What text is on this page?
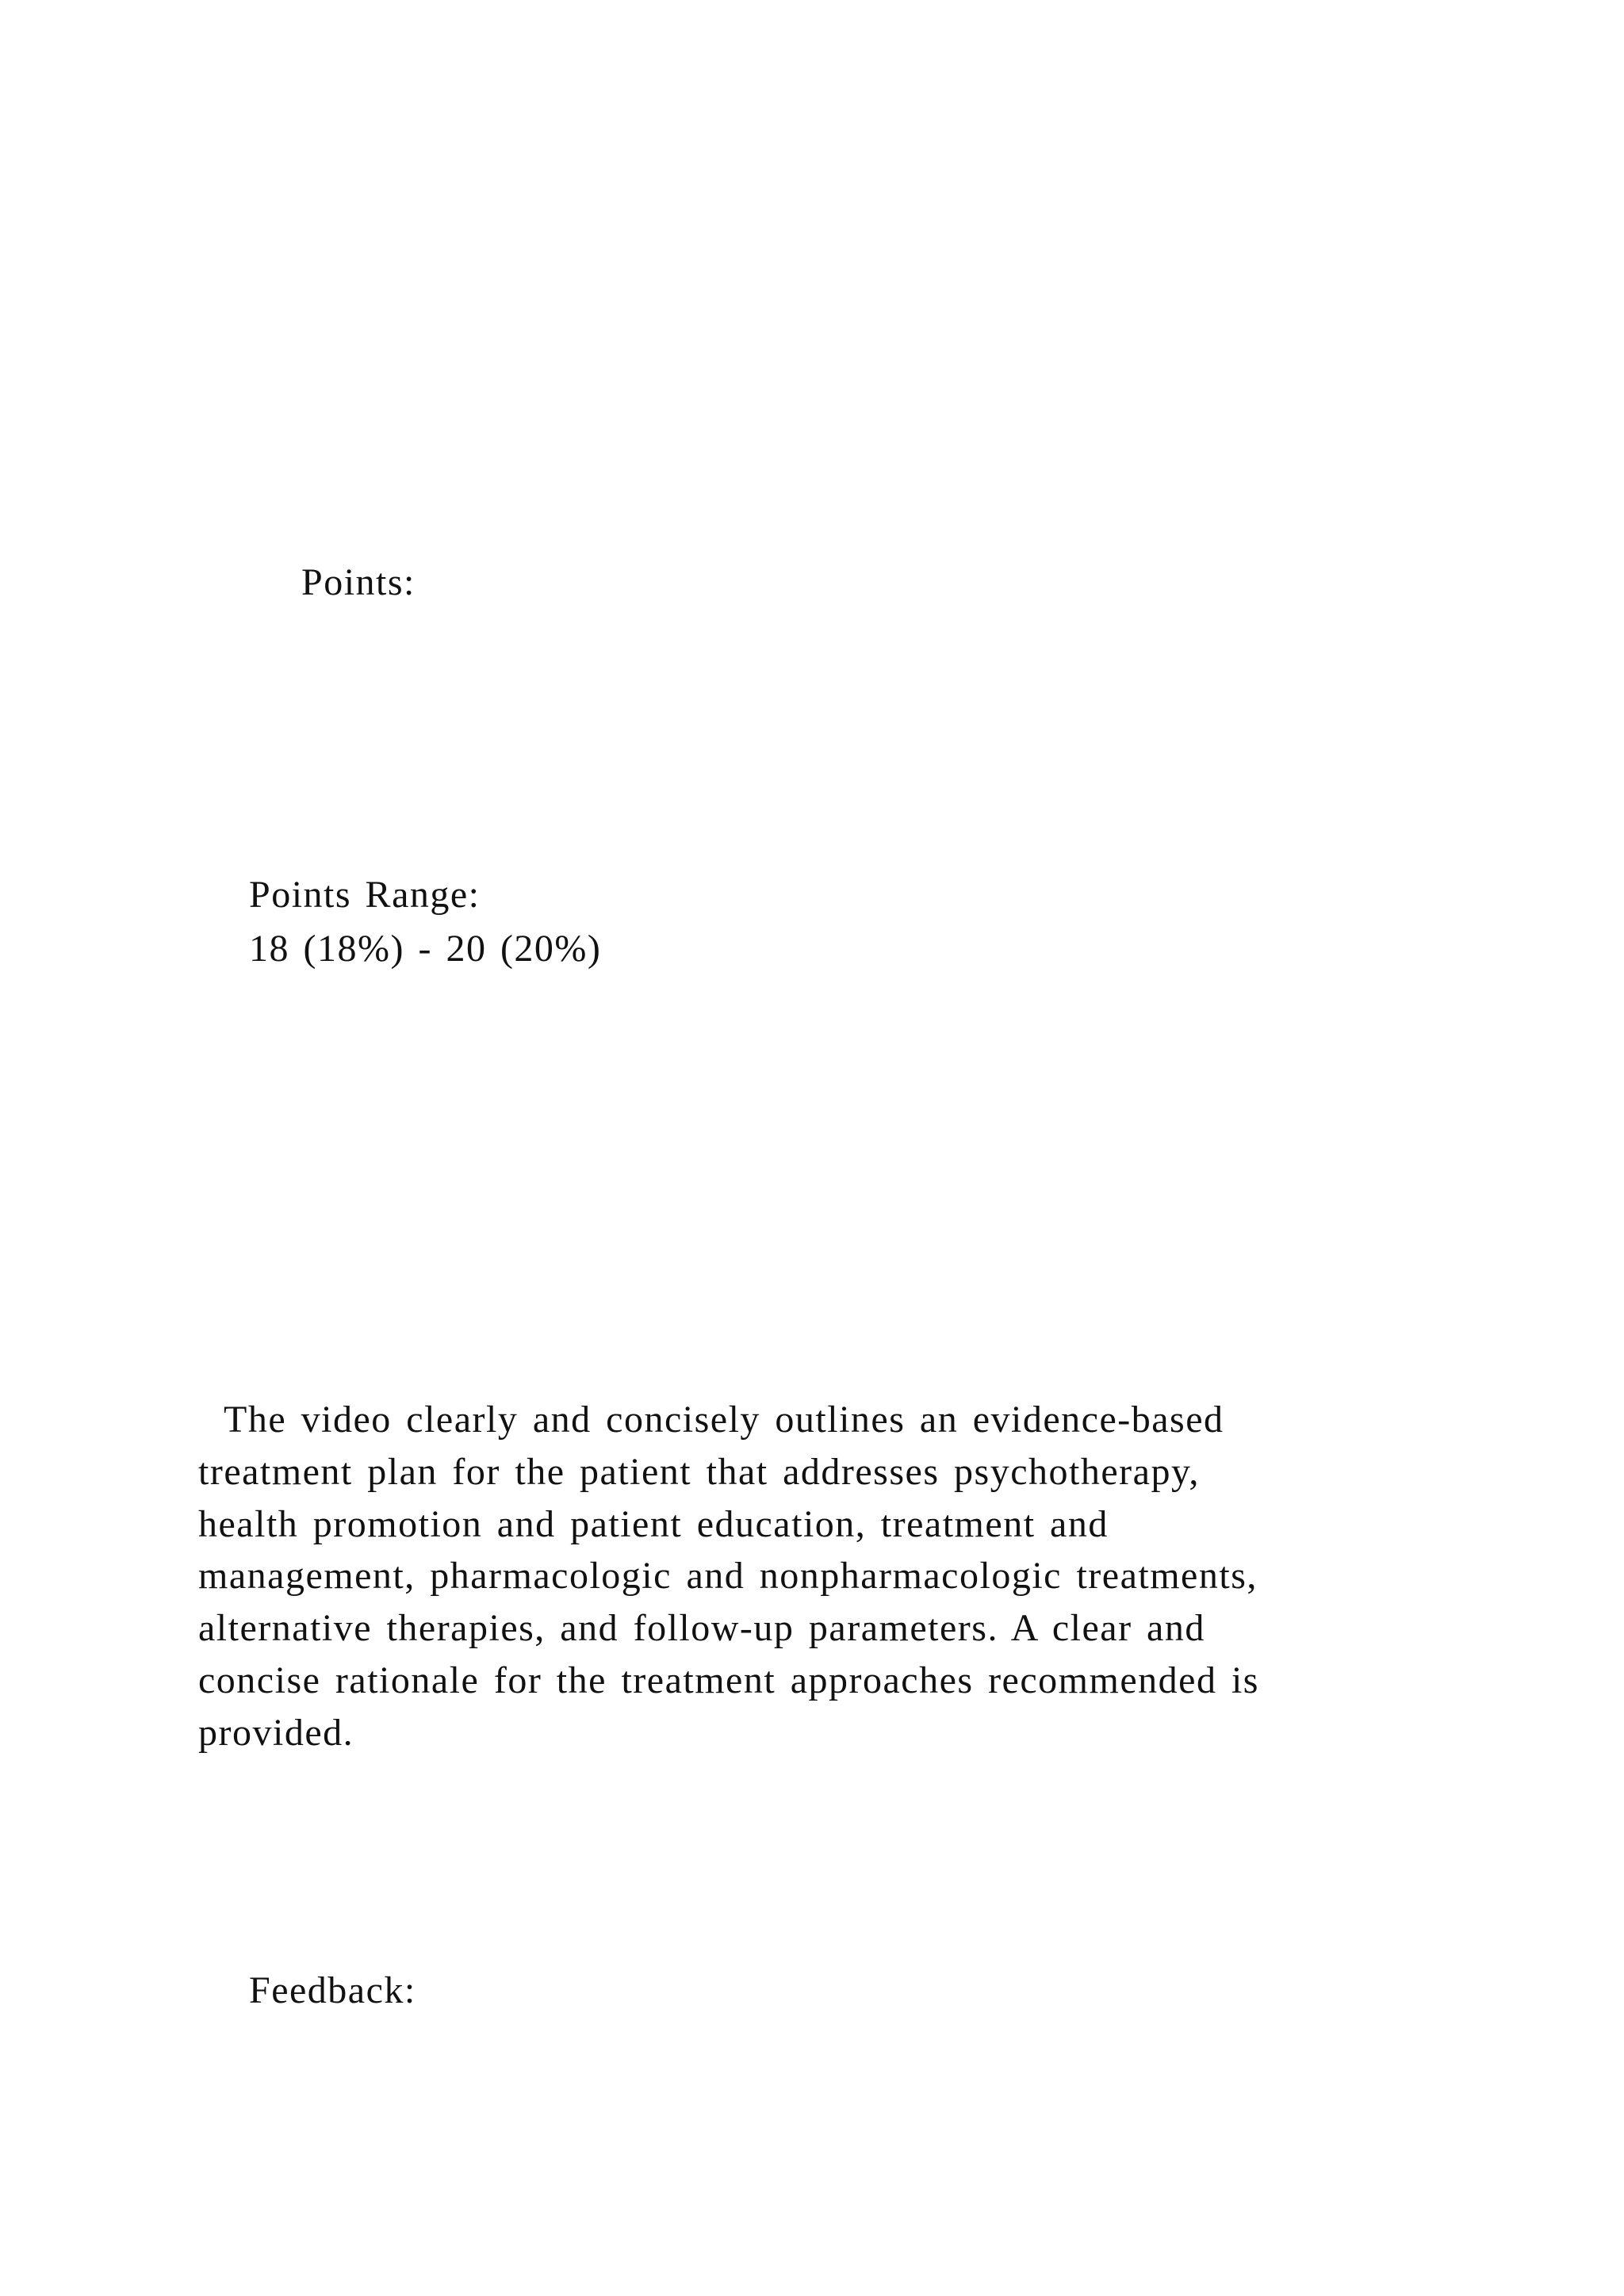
Points:
Points Range:
18 (18%) - 20 (20%)
The video clearly and concisely outlines an evidence-based
treatment plan for the patient that addresses psychotherapy,
health promotion and patient education, treatment and
management, pharmacologic and nonpharmacologic treatments,
alternative therapies, and follow-up parameters. A clear and
concise rationale for the treatment approaches recommended is
provided.
Feedback:
